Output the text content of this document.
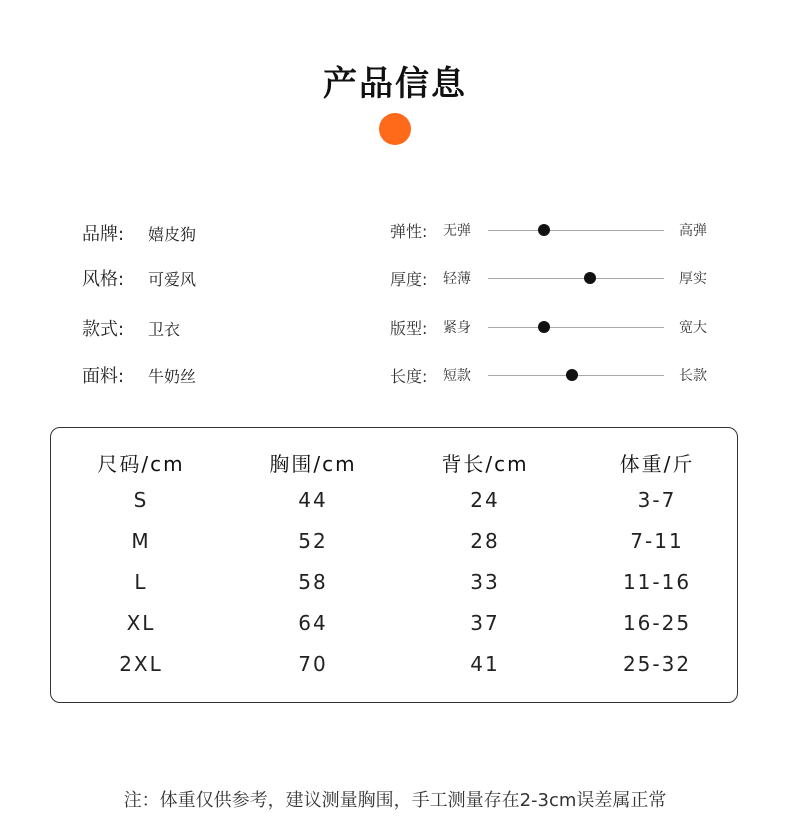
产品信息
品牌: 嬉皮狗
风格: 可爱风
款式: 卫衣
面料: 牛奶丝
弹性: 无弹	高弹
厚度: 轻薄	厚实
版型: 紧身	宽大
长度: 短款	长款
尺码/cm	胸围/cm	背长/cm	体重/斤
S	44	24	3-7
M	52	28	7-11
L	58	33	11-16
XL	64	37	16-25
2XL	70	41	25-32
注：体重仅供参考，建议测量胸围，手工测量存在2-3cm误差属正常
